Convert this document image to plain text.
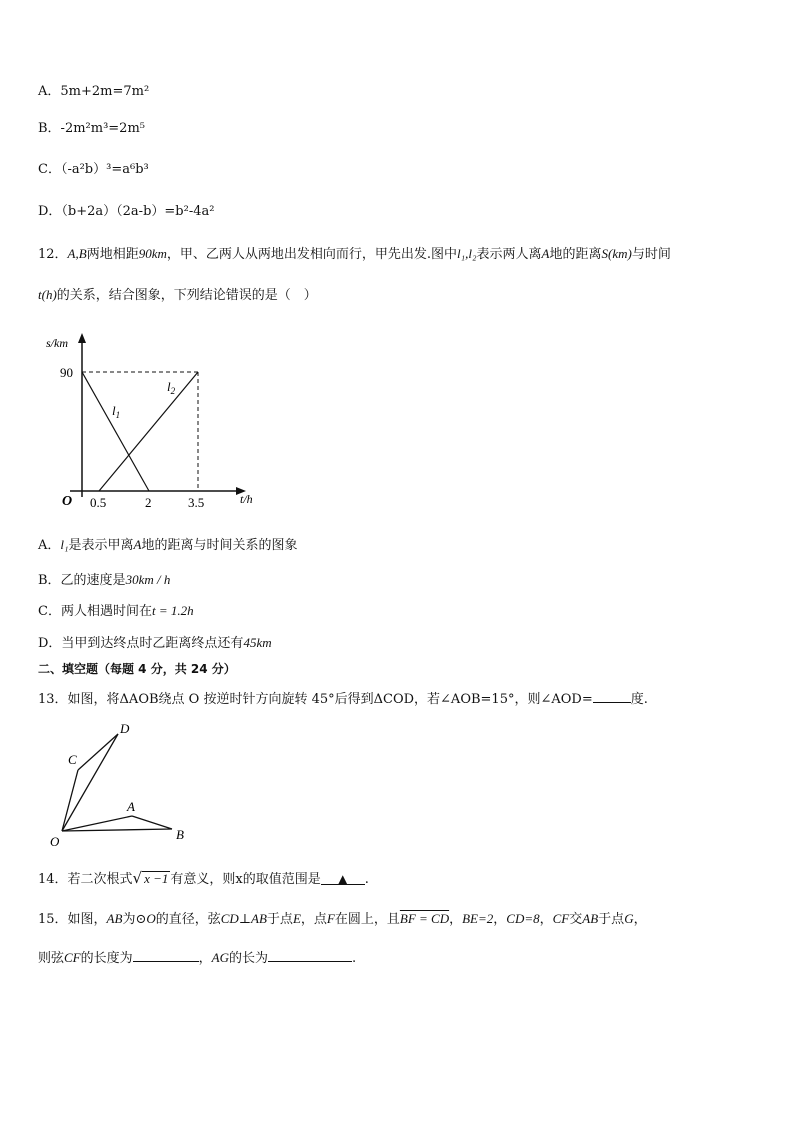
A．5m+2m=7m²
B．-2m²m³=2m⁵
C．（-a²b）³=a⁶b³
D．（b+2a）（2a-b）=b²-4a²
12．A,B两地相距90km，甲、乙两人从两地出发相向而行，甲先出发.图中l₁,l₂表示两人离A地的距离S(km)与时间
t(h)的关系，结合图象，下列结论错误的是（　）
s/km
t/h
O
90
0.5	2	3.5
$l_1$
$l_2$
A．l₁是表示甲离A地的距离与时间关系的图象
B．乙的速度是30km / h
C．两人相遇时间在t = 1.2h
D．当甲到达终点时乙距离终点还有45km
二、填空题（每题 4 分，共 24 分）
13．如图，将ΔAOB绕点 O 按逆时针方向旋转 45°后得到ΔCOD，若∠AOB=15°，则∠AOD=	度.
D
C
A
O	B
14．若二次根式√ x −1 有意义，则x的取值范围是 ▲ .
15．如图，AB为⊙O的直径，弦CD⊥AB于点E，点F在圆上，且BF = CD，BE=2，CD=8，CF交AB于点G，
则弦CF的长度为	，AG的长为	.
